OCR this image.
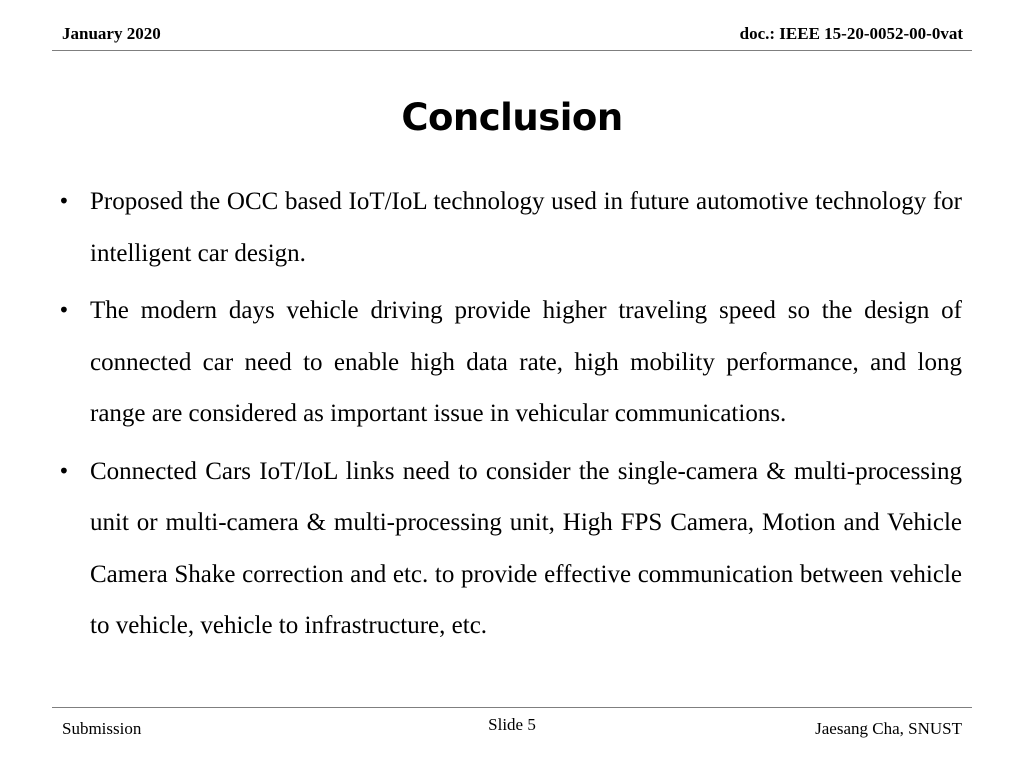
January 2020	doc.: IEEE 15-20-0052-00-0vat
Conclusion
• Proposed the OCC based IoT/IoL technology used in future automotive technology for intelligent car design.
• The modern days vehicle driving provide higher traveling speed so the design of connected car need to enable high data rate, high mobility performance, and long range are considered as important issue in vehicular communications.
• Connected Cars IoT/IoL links need to consider the single-camera & multi-processing unit or multi-camera & multi-processing unit, High FPS Camera, Motion and Vehicle Camera Shake correction and etc. to provide effective communication between vehicle to vehicle, vehicle to infrastructure, etc.
Submission	Slide 5	Jaesang Cha, SNUST
